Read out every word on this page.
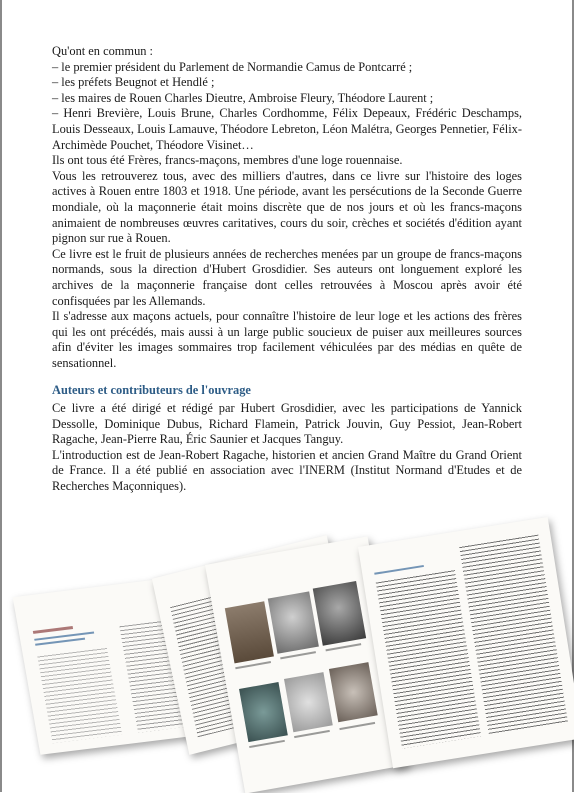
Qu'ont en commun :

– le premier président du Parlement de Normandie Camus de Pontcarré ;

– les préfets Beugnot et Hendlé ;

– les maires de Rouen Charles Dieutre, Ambroise Fleury, Théodore Laurent ;

– Henri Brevière, Louis Brune, Charles Cordhomme, Félix Depeaux, Frédéric Deschamps, Louis Desseaux, Louis Lamauve, Théodore Lebreton, Léon Malétra, Georges Pennetier, Félix-Archimède Pouchet, Théodore Visinet…

Ils ont tous été Frères, francs-maçons, membres d'une loge rouennaise.

Vous les retrouverez tous, avec des milliers d'autres, dans ce livre sur l'histoire des loges actives à Rouen entre 1803 et 1918. Une période, avant les persécutions de la Seconde Guerre mondiale, où la maçonnerie était moins discrète que de nos jours et où les francs-maçons animaient de nombreuses œuvres caritatives, cours du soir, crèches et sociétés d'édition ayant pignon sur rue à Rouen.

Ce livre est le fruit de plusieurs années de recherches menées par un groupe de francs-maçons normands, sous la direction d'Hubert Grosdidier. Ses auteurs ont longuement exploré les archives de la maçonnerie française dont celles retrouvées à Moscou après avoir été confisquées par les Allemands.

Il s'adresse aux maçons actuels, pour connaître l'histoire de leur loge et les actions des frères qui les ont précédés, mais aussi à un large public soucieux de puiser aux meilleures sources afin d'éviter les images sommaires trop facilement véhiculées par des médias en quête de sensationnel.

Auteurs et contributeurs de l'ouvrage

Ce livre a été dirigé et rédigé par Hubert Grosdidier, avec les participations de Yannick Dessolle, Dominique Dubus, Richard Flamein, Patrick Jouvin, Guy Pessiot, Jean-Robert Ragache, Jean-Pierre Rau, Éric Saunier et Jacques Tanguy.

L'introduction est de Jean-Robert Ragache, historien et ancien Grand Maître du Grand Orient de France. Il a été publié en association avec l'INERM (Institut Normand d'Etudes et de Recherches Maçonniques).
